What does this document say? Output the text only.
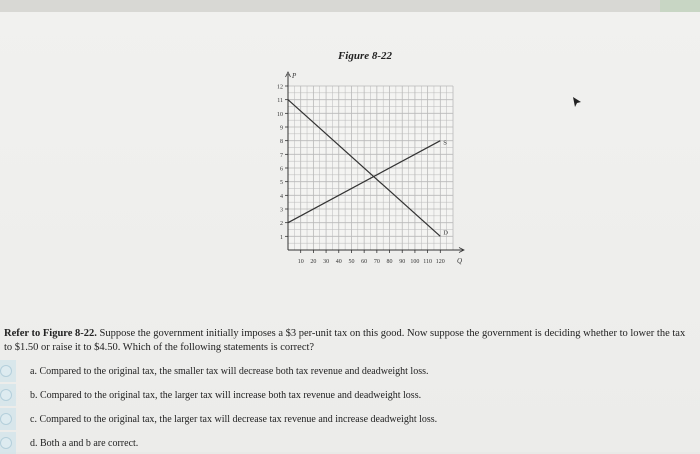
Figure 8-22
1
2
3
4
5
6
7
8
9
10
11
12
10 20 30 40 50 60 70 80 90 100 110 120
S
D
P
Q
Refer to Figure 8-22. Suppose the government initially imposes a $3 per-unit tax on this good. Now suppose the government is deciding whether to lower the tax to $1.50 or raise it to $4.50. Which of the following statements is correct?
a. Compared to the original tax, the smaller tax will decrease both tax revenue and deadweight loss.
b. Compared to the original tax, the larger tax will increase both tax revenue and deadweight loss.
c. Compared to the original tax, the larger tax will decrease tax revenue and increase deadweight loss.
d. Both a and b are correct.
